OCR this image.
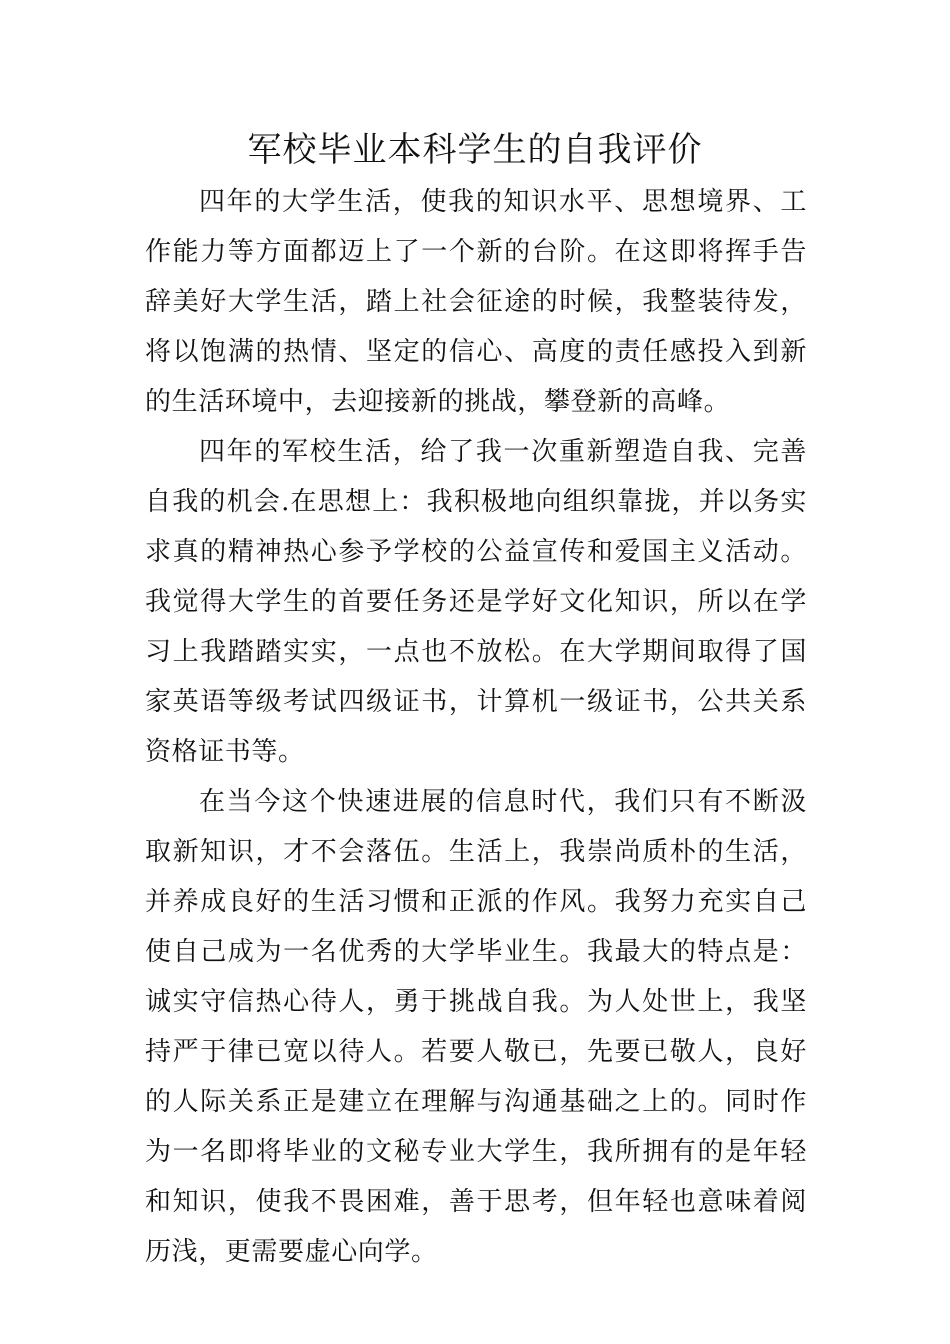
军校毕业本科学生的自我评价

四年的大学生活，使我的知识水平、思想境界、工作能力等方面都迈上了一个新的台阶。在这即将挥手告辞美好大学生活，踏上社会征途的时候，我整装待发，将以饱满的热情、坚定的信心、高度的责任感投入到新的生活环境中，去迎接新的挑战，攀登新的高峰。

四年的军校生活，给了我一次重新塑造自我、完善自我的机会.在思想上：我积极地向组织靠拢，并以务实求真的精神热心参予学校的公益宣传和爱国主义活动。我觉得大学生的首要任务还是学好文化知识，所以在学习上我踏踏实实，一点也不放松。在大学期间取得了国家英语等级考试四级证书，计算机一级证书，公共关系资格证书等。

在当今这个快速进展的信息时代，我们只有不断汲取新知识，才不会落伍。生活上，我崇尚质朴的生活，并养成良好的生活习惯和正派的作风。我努力充实自己使自己成为一名优秀的大学毕业生。我最大的特点是：诚实守信热心待人，勇于挑战自我。为人处世上，我坚持严于律已宽以待人。若要人敬已，先要已敬人，良好的人际关系正是建立在理解与沟通基础之上的。同时作为一名即将毕业的文秘专业大学生，我所拥有的是年轻和知识，使我不畏困难，善于思考，但年轻也意味着阅历浅，更需要虚心向学。
